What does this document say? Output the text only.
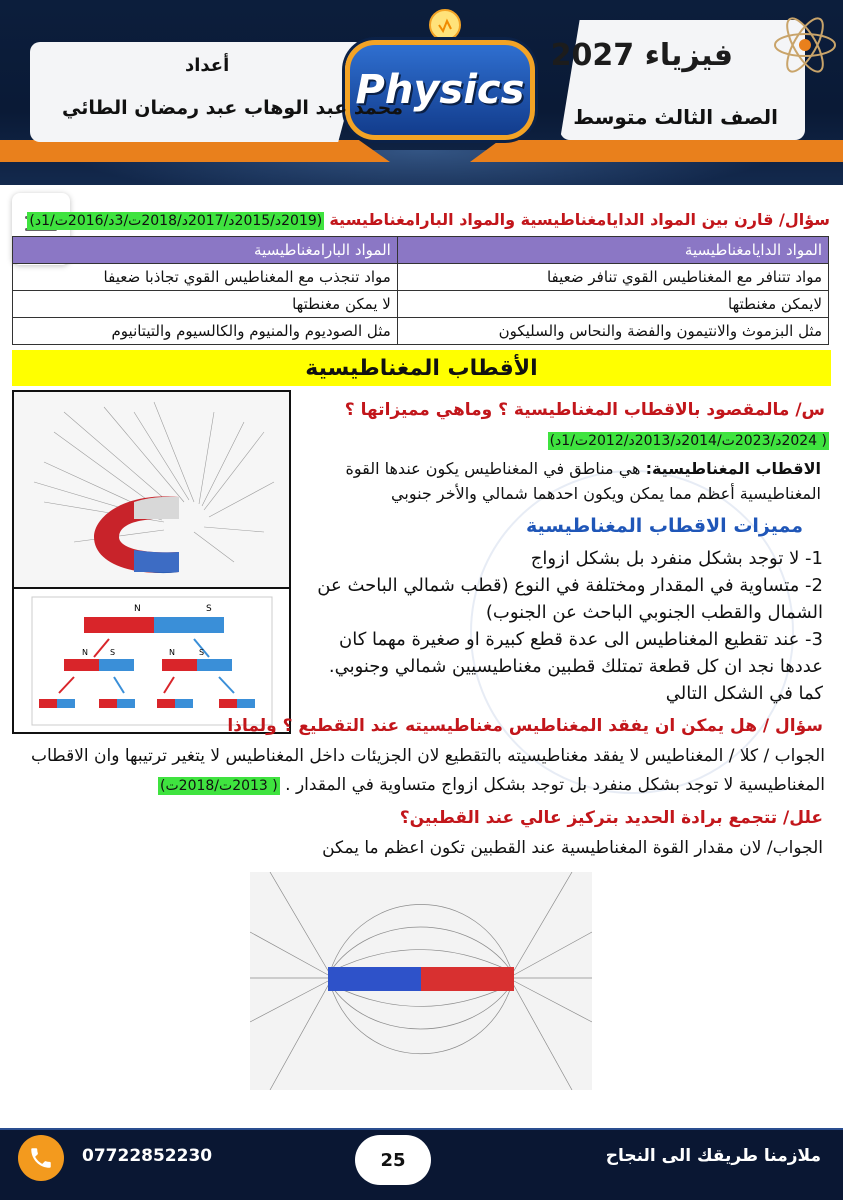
Physics
فيزياء 2027
الصف الثالث متوسط
أعداد
محمد عبد الوهاب عبد رمضان الطائي
سؤال/ قارن بين المواد الدايامغناطيسية والمواد البارامغناطيسية (2019د/2015د/2017د/2018ت/3د/2016ت/1د)
المواد الدايامغناطيسية	المواد البارامغناطيسية
مواد تتنافر مع المغناطيس القوي تنافر ضعيفا	مواد تنجذب مع المغناطيس القوي تجاذبا ضعيفا
لايمكن مغنطتها	لا يمكن مغنطتها
مثل البزموث والانتيمون والفضة والنحاس والسليكون	مثل الصوديوم والمنيوم والكالسيوم والتيتانيوم
الأقطاب المغناطيسية
N	S
N	S	N	S
س/ مالمقصود بالاقطاب المغناطيسية ؟ وماهي مميزاتها ؟
( 2024د/2023ت/2014د/2013د/2012ت/1د)
الاقطاب المغناطيسية: هي مناطق في المغناطيس يكون عندها القوة المغناطيسية أعظم مما يمكن ويكون احدهما شمالي والأخر جنوبي
مميزات الاقطاب المغناطيسية

1- لا توجد بشكل منفرد بل بشكل ازواج

2- متساوية في المقدار ومختلفة في النوع (قطب شمالي الباحث عن الشمال والقطب الجنوبي الباحث عن الجنوب)

3- عند تقطيع المغناطيس الى عدة قطع كبيرة او صغيرة مهما كان عددها نجد ان كل قطعة تمتلك قطبين مغناطيسيين شمالي وجنوبي.

كما في الشكل التالي

سؤال / هل يمكن ان يفقد المغناطيس مغناطيسيته عند التقطيع ؟ ولماذا
الجواب / كلا / المغناطيس لا يفقد مغناطيسيته بالتقطيع لان الجزيئات داخل المغناطيس لا يتغير ترتيبها وان الاقطاب المغناطيسية لا توجد بشكل منفرد بل توجد بشكل ازواج متساوية في المقدار . ( 2013ت/2018ت)
علل/ تتجمع برادة الحديد بتركيز عالي عند القطبين؟
الجواب/ لان مقدار القوة المغناطيسية عند القطبين تكون اعظم ما يمكن
07722852230	25	ملازمنا طريقك الى النجاح
